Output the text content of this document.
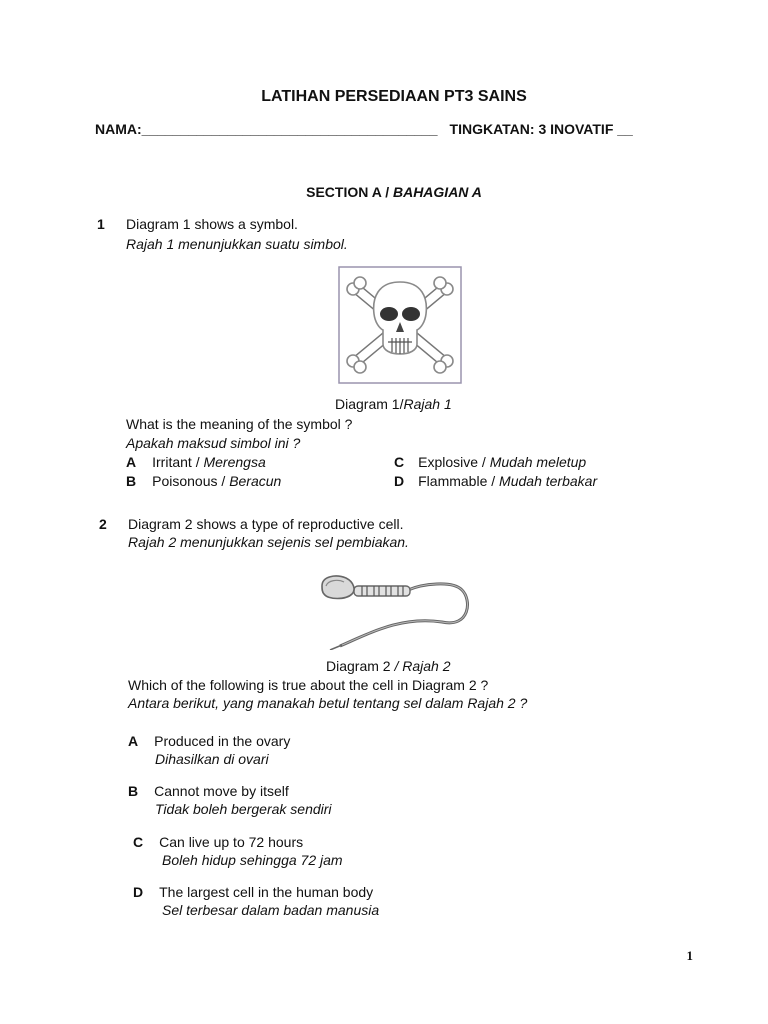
LATIHAN PERSEDIAAN PT3 SAINS
NAMA:______________________________________ TINGKATAN: 3 INOVATIF __
SECTION A / BAHAGIAN A
1 Diagram 1 shows a symbol.
Rajah 1 menunjukkan suatu simbol.
Diagram 1/Rajah 1
What is the meaning of the symbol ?
Apakah maksud simbol ini ?
A Irritant / Merengsa
B Poisonous / Beracun
C Explosive / Mudah meletup
D Flammable / Mudah terbakar
2 Diagram 2 shows a type of reproductive cell.
Rajah 2 menunjukkan sejenis sel pembiakan.
Diagram 2 / Rajah 2
Which of the following is true about the cell in Diagram 2 ?
Antara berikut, yang manakah betul tentang sel dalam Rajah 2 ?
A Produced in the ovary
Dihasilkan di ovari
B Cannot move by itself
Tidak boleh bergerak sendiri
C Can live up to 72 hours
Boleh hidup sehingga 72 jam
D The largest cell in the human body
Sel terbesar dalam badan manusia
1
